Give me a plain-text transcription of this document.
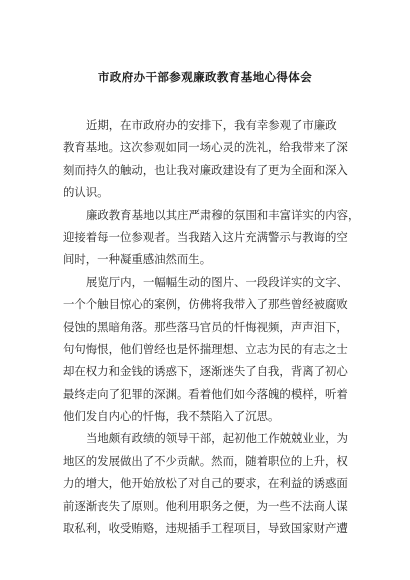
市政府办干部参观廉政教育基地心得体会
近期，在市政府办的安排下，我有幸参观了市廉政
教育基地。这次参观如同一场心灵的洗礼，给我带来了深
刻而持久的触动，也让我对廉政建设有了更为全面和深入
的认识。
廉政教育基地以其庄严肃穆的氛围和丰富详实的内容，
迎接着每一位参观者。当我踏入这片充满警示与教诲的空
间时，一种凝重感油然而生。
展览厅内，一幅幅生动的图片、一段段详实的文字、
一个个触目惊心的案例，仿佛将我带入了那些曾经被腐败
侵蚀的黑暗角落。那些落马官员的忏悔视频，声声泪下，
句句悔恨，他们曾经也是怀揣理想、立志为民的有志之士
却在权力和金钱的诱惑下，逐渐迷失了自我，背离了初心
最终走向了犯罪的深渊。看着他们如今落魄的模样，听着
他们发自内心的忏悔，我不禁陷入了沉思。
当地颇有政绩的领导干部，起初他工作兢兢业业，为
地区的发展做出了不少贡献。然而，随着职位的上升，权
力的增大，他开始放松了对自己的要求，在利益的诱惑面
前逐渐丧失了原则。他利用职务之便，为一些不法商人谋
取私利，收受贿赂，违规插手工程项目，导致国家财产遭
